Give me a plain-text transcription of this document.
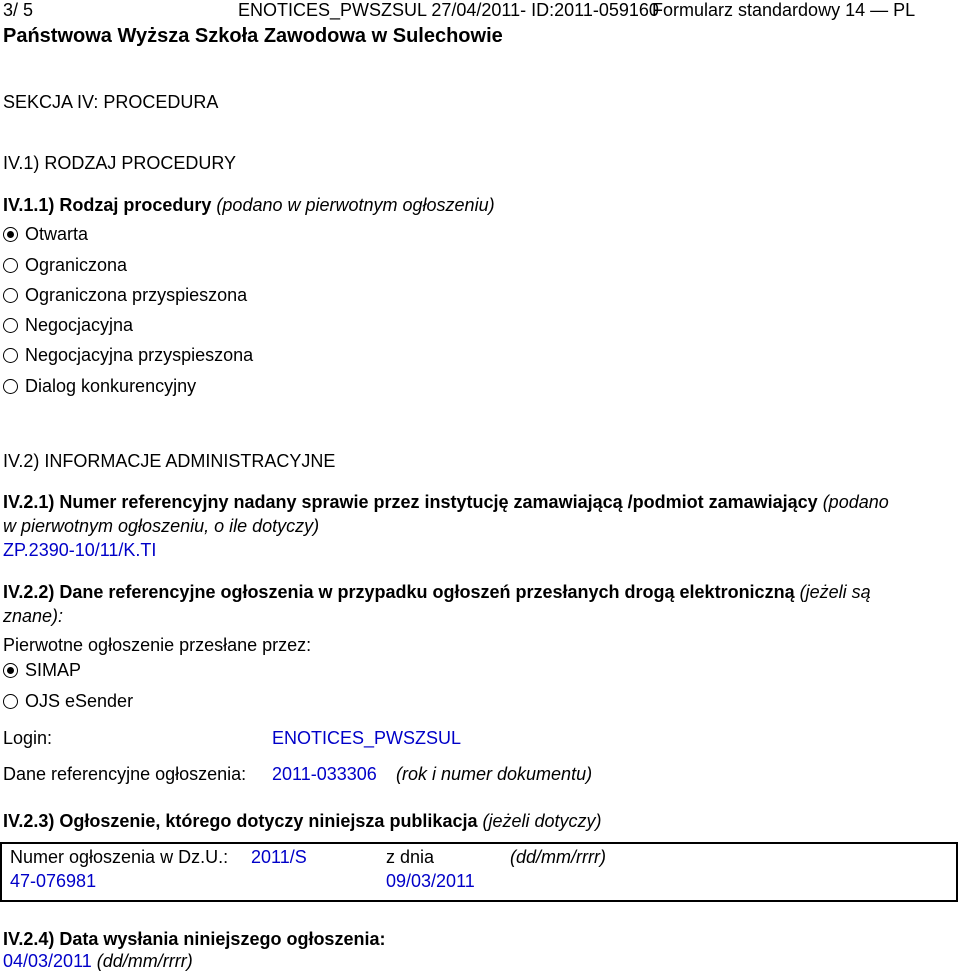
3/ 5	ENOTICES_PWSZSUL 27/04/2011- ID:2011-059160
Formularz standardowy 14 — PL
Państwowa Wyższa Szkoła Zawodowa w Sulechowie
SEKCJA IV: PROCEDURA
IV.1) RODZAJ PROCEDURY
IV.1.1) Rodzaj procedury (podano w pierwotnym ogłoszeniu)
Otwarta
Ograniczona
Ograniczona przyspieszona
Negocjacyjna
Negocjacyjna przyspieszona
Dialog konkurencyjny
IV.2) INFORMACJE ADMINISTRACYJNE
IV.2.1) Numer referencyjny nadany sprawie przez instytucję zamawiającą /podmiot zamawiający (podano
w pierwotnym ogłoszeniu, o ile dotyczy)
ZP.2390-10/11/K.TI
IV.2.2) Dane referencyjne ogłoszenia w przypadku ogłoszeń przesłanych drogą elektroniczną (jeżeli są
znane):
Pierwotne ogłoszenie przesłane przez:
SIMAP
OJS eSender
Login:	ENOTICES_PWSZSUL
Dane referencyjne ogłoszenia: 2011-033306 (rok i numer dokumentu)
IV.2.3) Ogłoszenie, którego dotyczy niniejsza publikacja (jeżeli dotyczy)
Numer ogłoszenia w Dz.U.: 2011/S
47-076981
z dnia	(dd/mm/rrrr)
09/03/2011
IV.2.4) Data wysłania niniejszego ogłoszenia:
04/03/2011 (dd/mm/rrrr)
